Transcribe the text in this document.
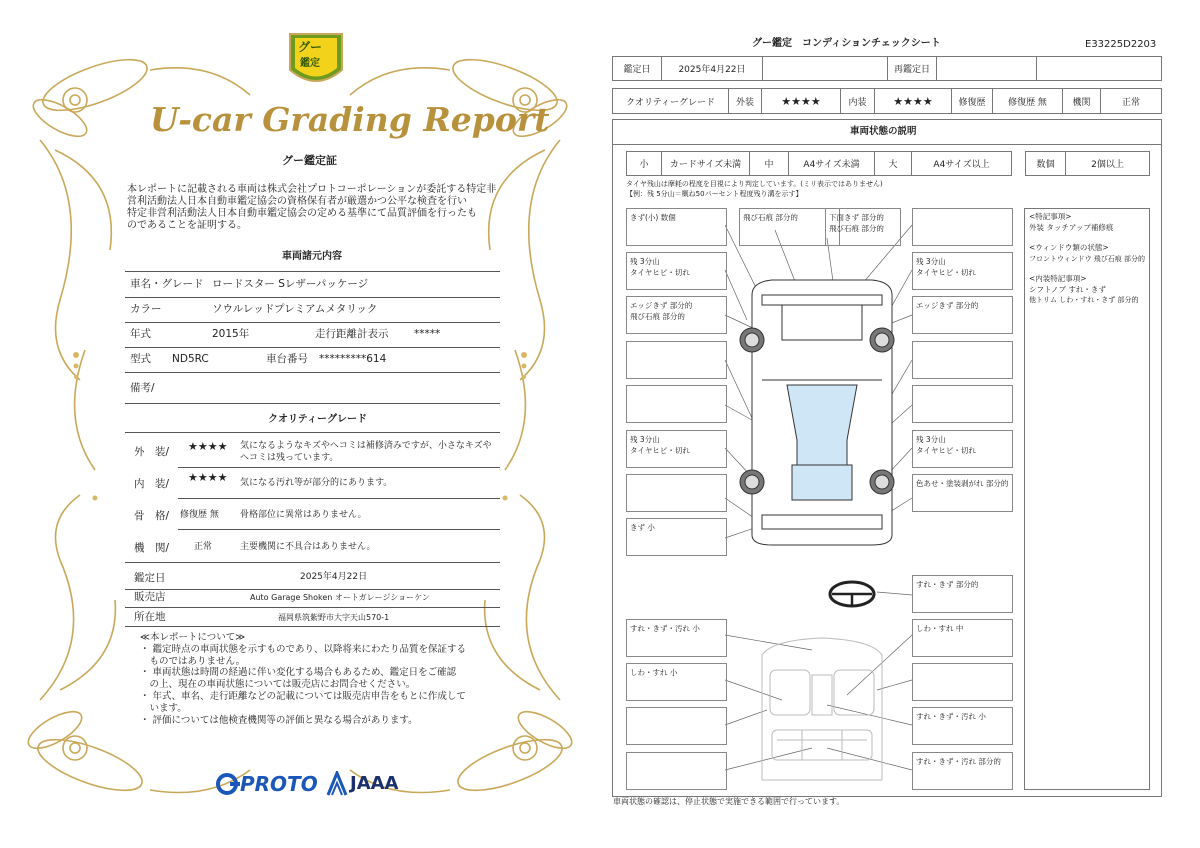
グー
鑑定
U-car Grading Report
グー鑑定証
本レポートに記載される車両は株式会社プロトコーポレーションが委託する特定非
営利活動法人日本自動車鑑定協会の資格保有者が厳選かつ公平な検査を行い
特定非営利活動法人日本自動車鑑定協会の定める基準にて品質評価を行ったも
のであることを証明する。
車両諸元内容
車名・グレード ロードスター Sレザーパッケージ
カラー	ソウルレッドプレミアムメタリック
年式	2015年	走行距離計表示 *****
型式 ND5RC	車台番号 *********614
備考/
クオリティーグレード
外　装/ ★★★★ 気になるようなキズやヘコミは補修済みですが、小さなキズや
ヘコミは残っています。
内　装/ ★★★★ 気になる汚れ等が部分的にあります。
骨　格/ 修復歴 無 骨格部位に異常はありません。
機　関/	正常	主要機関に不具合はありません。
鑑定日	2025年4月22日
販売店	Auto Garage Shoken オートガレージショーケン
所在地	福岡県筑紫野市大字天山570-1
≪本レポートについて≫
・ 鑑定時点の車両状態を示すものであり、以降将来にわたり品質を保証する
　ものではありません。
・ 車両状態は時間の経過に伴い変化する場合もあるため、鑑定日をご確認
　の上、現在の車両状態については販売店にお問合せください。
・ 年式、車名、走行距離などの記載については販売店申告をもとに作成して
　います。
・ 評価については他検査機関等の評価と異なる場合があります。
PROTO JAAA
グー鑑定　コンディションチェックシート	E33225D2203
鑑定日	2025年4月22日	再鑑定日
クオリティーグレード	外装	★★★★	内装	★★★★	修復歴	修復歴 無	機関	正常
車両状態の説明
小	カードサイズ未満	中	A4サイズ未満	大	A4サイズ以上	数個	2個以上
タイヤ残山は摩耗の程度を目視により判定しています。(ミリ表示ではありません)
【例：残 5分山＝概ね50パーセント程度残り溝を示す】
きず(小) 数個
残 3分山
タイヤヒビ・切れ
エッジきず 部分的
飛び石痕 部分的
残 3分山
タイヤヒビ・切れ
きず 小
飛び石痕 部分的	下面きず 部分的
飛び石痕 部分的
残 3分山
タイヤヒビ・切れ
エッジきず 部分的
残 3分山
タイヤヒビ・切れ
色あせ・塗装剥がれ 部分的
すれ・きず 部分的
しわ・すれ 中
すれ・きず・汚れ 小
すれ・きず・汚れ 部分的
すれ・きず・汚れ 小
しわ・すれ 小
<特記事項>
外装 タッチアップ補修痕
<ウィンドウ類の状態>
フロントウィンドウ 飛び石痕 部分的
<内装特記事項>
シフトノブ すれ・きず
他トリム しわ・すれ・きず 部分的
車両状態の確認は、停止状態で実施できる範囲で行っています。
